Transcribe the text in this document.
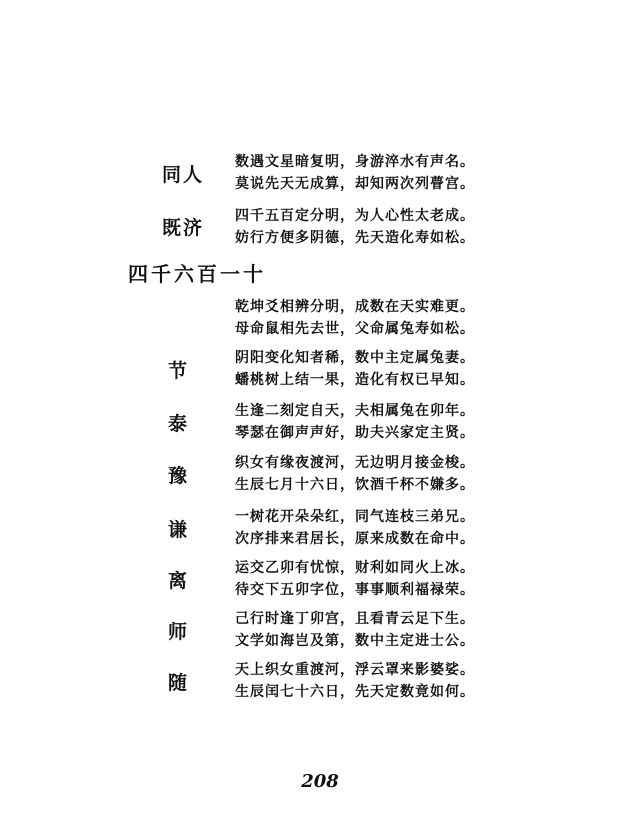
同人
数遇文星暗复明，身游淬水有声名。
莫说先天无成算，却知两次列瞢宫。
既济
四千五百定分明，为人心性太老成。
妨行方便多阴德，先天造化寿如松。
四千六百一十
乾坤爻相辨分明，成数在天实难更。
母命鼠相先去世，父命属兔寿如松。
节
阴阳变化知者稀，数中主定属兔妻。
蟠桃树上结一果，造化有权已早知。
泰
生逢二刻定自天，夫相属兔在卯年。
琴瑟在御声声好，助夫兴家定主贤。
豫
织女有缘夜渡河，无边明月接金梭。
生辰七月十六日，饮酒千杯不嫌多。
谦
一树花开朵朵红，同气连枝三弟兄。
次序排来君居长，原来成数在命中。
离
运交乙卯有忧惊，财利如同火上冰。
待交下五卯字位，事事顺利福禄荣。
师
己行时逢丁卯宫，且看青云足下生。
文学如海岂及第，数中主定进士公。
随
天上织女重渡河，浮云罩来影婆娑。
生辰闰七十六日，先天定数竟如何。
208
